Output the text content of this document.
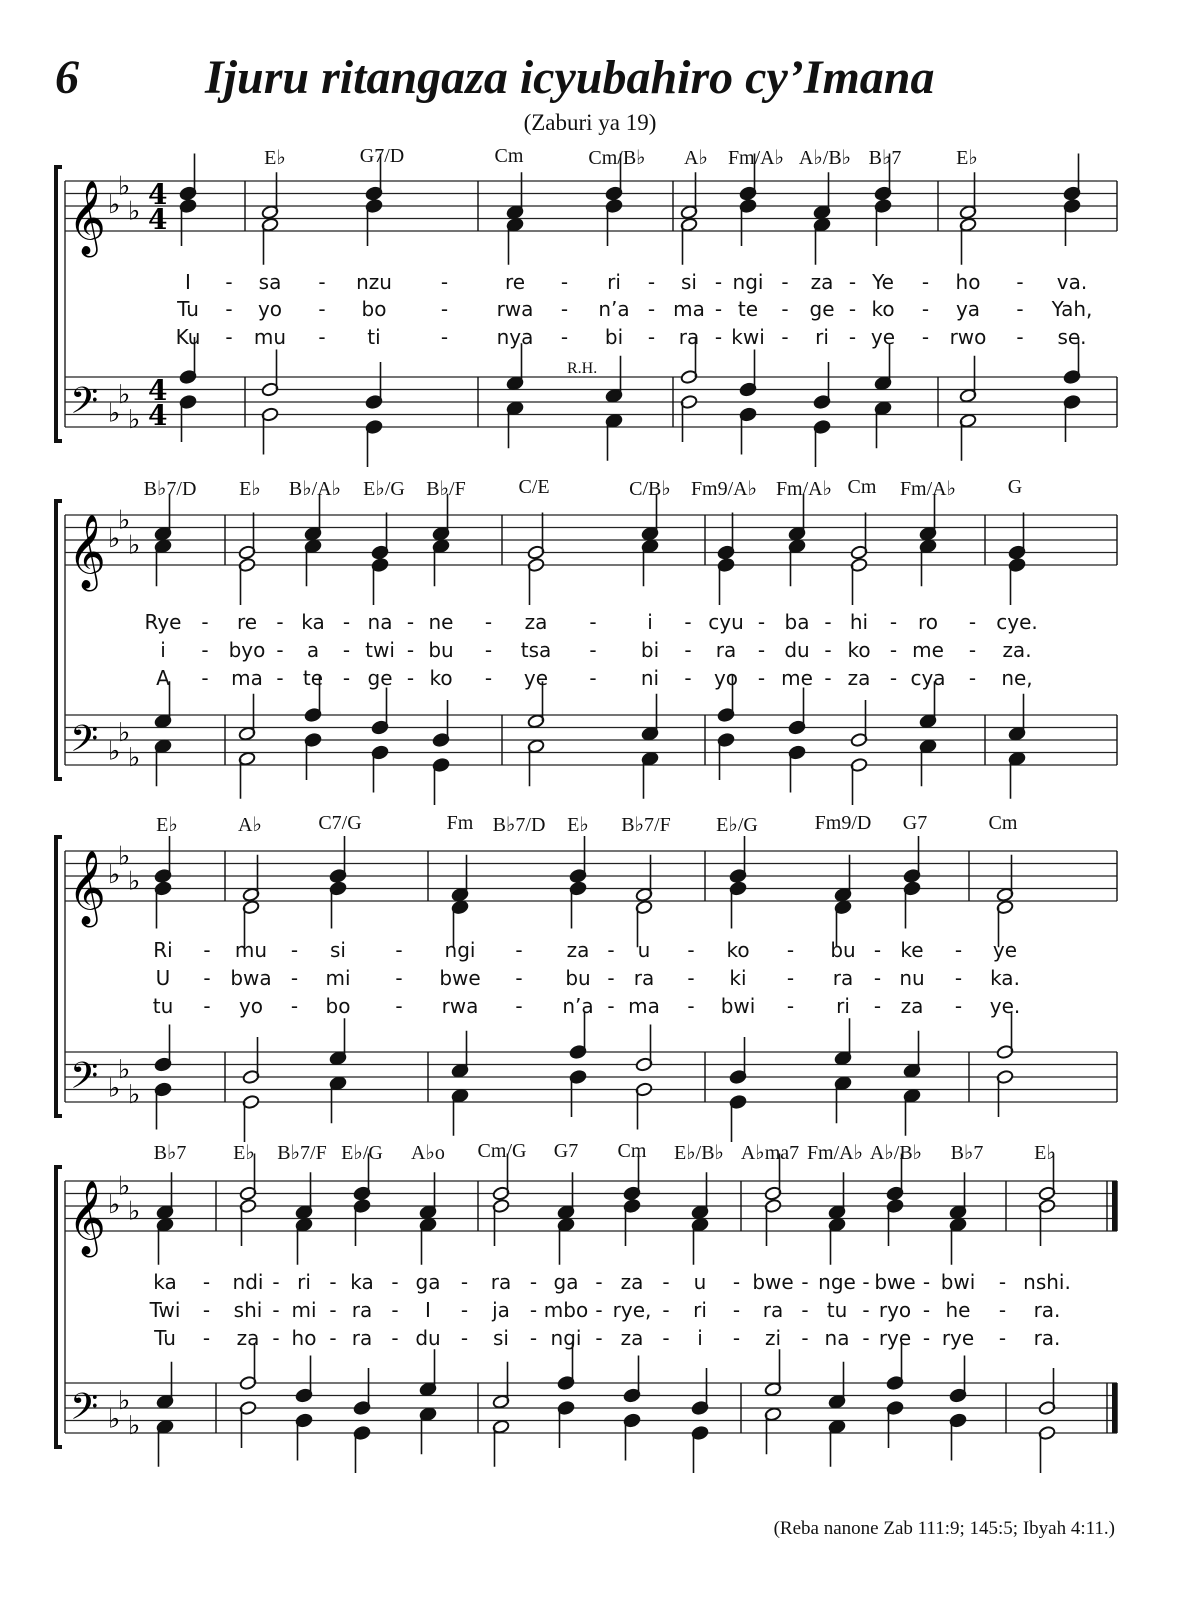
6	Ijuru ritangaza icyubahiro cy’Imana
(Zaburi ya 19)
𝄞 ♭
♭
♭
4
4
𝄢 ♭
♭
♭
4
4
E♭	G7/D	Cm	Cm/B♭ A♭ Fm/A♭ A♭/B♭ B♭7	E♭
I - sa - nzu -	re - ri - si - ngi - za - Ye - ho - va.
Tu - yo - bo	- rwa - n’a - ma - te - ge - ko - ya - Yah,
Ku - mu - ti	- nya - bi - ra - kwi - ri - ye - rwo - se.
R.H.
𝄞 ♭
♭
♭
𝄢 ♭
♭
♭
B♭7/D E♭ B♭/A♭ E♭/G B♭/F	C/E	C/B♭ Fm9/A♭ Fm/A♭ Cm Fm/A♭	G
Rye - re - ka - na - ne - za -	i - cyu - ba - hi - ro - cye.
i - byo - a - twi - bu - tsa - bi - ra - du - ko - me - za.
A - ma - te - ge - ko - ye - ni - yo - me - za - cya - ne,
𝄞 ♭
♭
♭
𝄢 ♭
♭
♭
E♭	A♭	C7/G	Fm B♭7/D E♭ B♭7/F E♭/G	Fm9/D G7	Cm
Ri - mu - si - ngi - za - u - ko - bu - ke - ye
U - bwa - mi - bwe - bu - ra - ki - ra - nu - ka.
tu - yo - bo - rwa - n’a - ma - bwi - ri - za - ye.
𝄞 ♭
♭
♭
𝄢 ♭
♭
♭
B♭7 E♭ B♭7/F E♭/G A♭o Cm/G G7 Cm E♭/B♭ A♭ma7 Fm/A♭ A♭/B♭ B♭7	E♭
ka - ndi - ri - ka - ga - ra - ga - za - u - bwe - nge - bwe - bwi - nshi.
Twi - shi - mi - ra - I - ja - mbo - rye, - ri - ra - tu - ryo - he - ra.
Tu - za - ho - ra - du - si - ngi - za - i - zi - na - rye - rye - ra.
(Reba nanone Zab 111:9; 145:5; Ibyah 4:11.)
